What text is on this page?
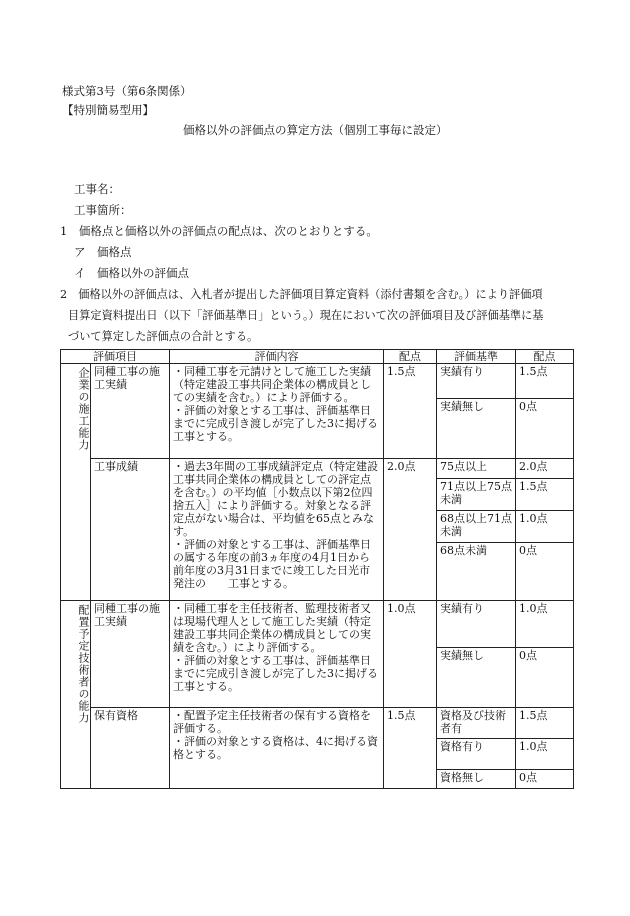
様式第3号（第6条関係）
【特別簡易型用】
価格以外の評価点の算定方法（個別工事毎に設定）
工事名：
工事箇所：
1　価格点と価格以外の評価点の配点は、次のとおりとする。
ア　価格点
イ　価格以外の評価点
2　価格以外の評価点は、入札者が提出した評価項目算定資料（添付書類を含む。）により評価項
目算定資料提出日（以下「評価基準日」という。）現在において次の評価項目及び評価基準に基
づいて算定した評価点の合計とする。
評価項目		評価内容	配点	評価基準	配点
企業の施工能力	同種工事の施工実績	・同種工事を元請けとして施工した実績（特定建設工事共同企業体の構成員としての実績を含む。）により評価する。
・評価の対象とする工事は、評価基準日までに完成引き渡しが完了した3に掲げる工事とする。	1.5点	実績有り	1.5点
				実績無し	0点
	工事成績	・過去3年間の工事成績評定点（特定建設工事共同企業体の構成員としての評定点を含む。）の平均値［小数点以下第2位四捨五入］により評価する。対象となる評定点がない場合は、平均値を65点とみなす。
・評価の対象とする工事は、評価基準日の属する年度の前3ヵ年度の4月1日から前年度の3月31日までに竣工した日光市発注の　　工事とする。	2.0点	75点以上	2.0点
				71点以上75点未満	1.5点
				68点以上71点未満	1.0点
				68点未満	0点
配置予定技術者の能力	同種工事の施工実績	・同種工事を主任技術者、監理技術者又は現場代理人として施工した実績（特定建設工事共同企業体の構成員としての実績を含む。）により評価する。
・評価の対象とする工事は、評価基準日までに完成引き渡しが完了した3に掲げる工事とする。	1.0点	実績有り	1.0点
				実績無し	0点
	保有資格	・配置予定主任技術者の保有する資格を評価する。
・評価の対象とする資格は、4に掲げる資格とする。	1.5点	資格及び技術者有	1.5点
				資格有り	1.0点
				資格無し	0点
